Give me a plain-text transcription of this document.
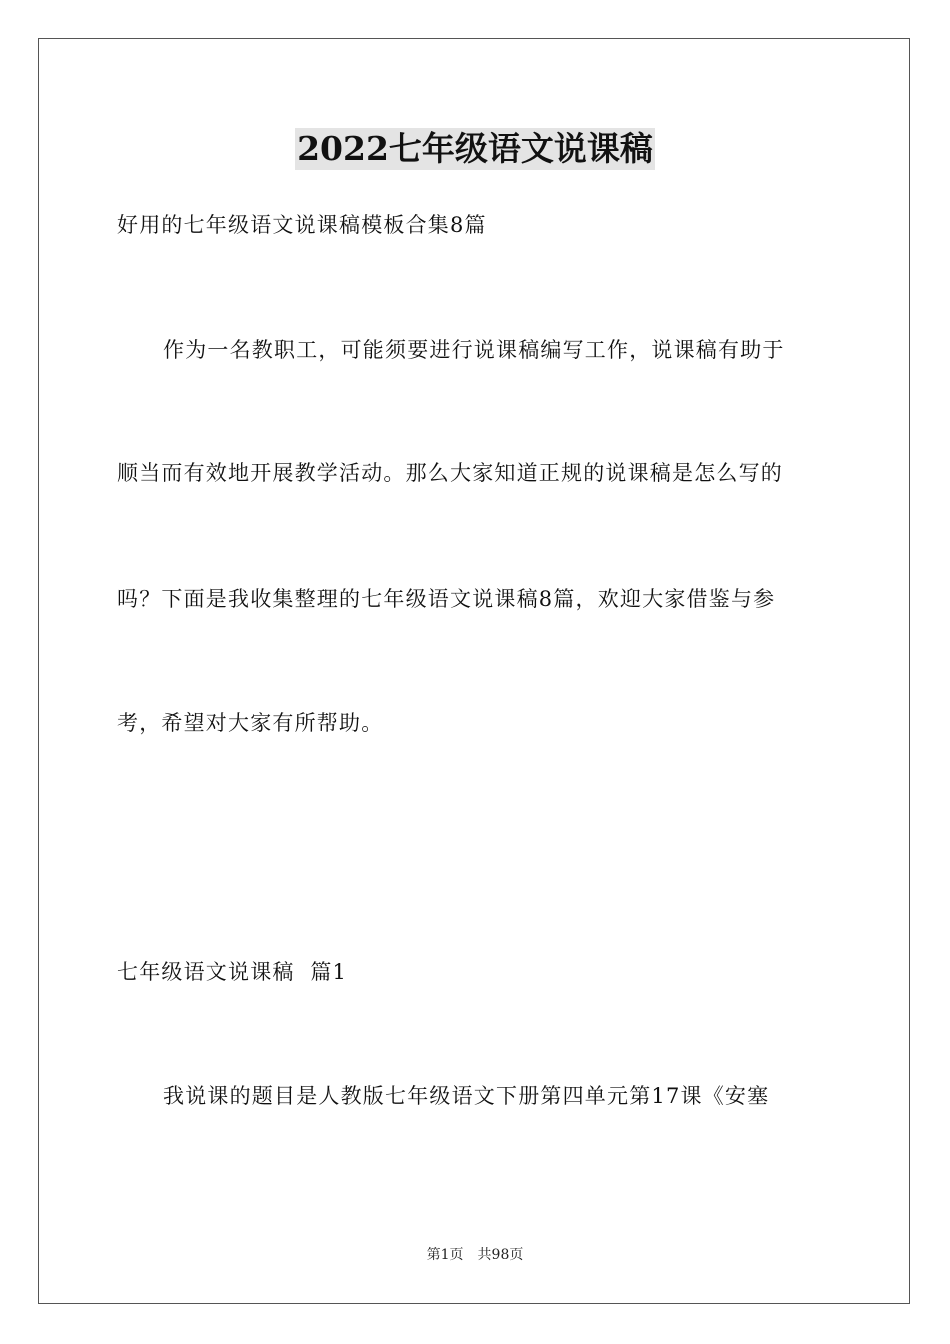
2022七年级语文说课稿
好用的七年级语文说课稿模板合集8篇
作为一名教职工，可能须要进行说课稿编写工作，说课稿有助于
顺当而有效地开展教学活动。那么大家知道正规的说课稿是怎么写的
吗？下面是我收集整理的七年级语文说课稿8篇，欢迎大家借鉴与参
考，希望对大家有所帮助。
七年级语文说课稿  篇1
我说课的题目是人教版七年级语文下册第四单元第17课《安塞
第1页 共98页
